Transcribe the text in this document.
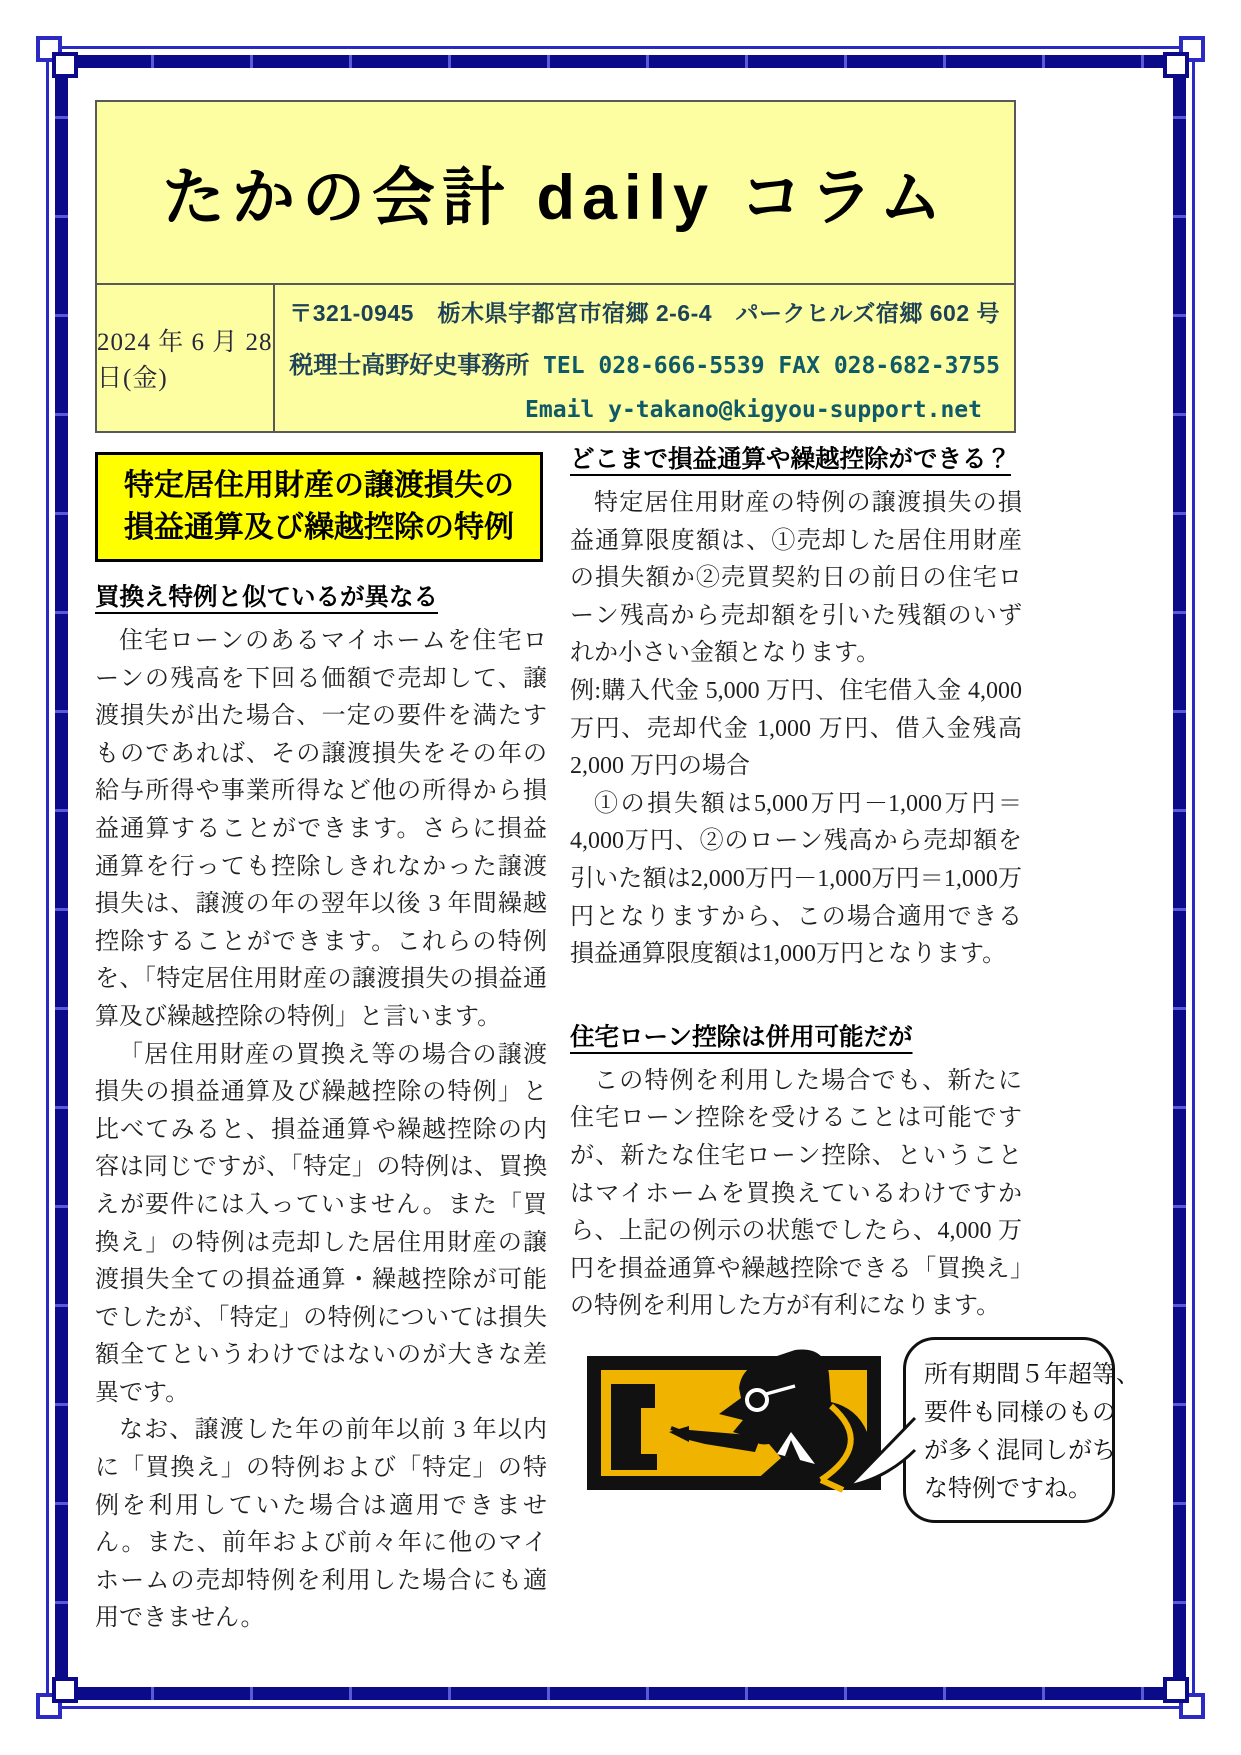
たかの会計 daily コラム
2024 年 6 月 28 日(金)
〒321-0945　栃木県宇都宮市宿郷 2-6-4　パークヒルズ宿郷 602 号
税理士高野好史事務所 TEL 028-666-5539 FAX 028-682-3755
Email y-takano@kigyou-support.net
特定居住用財産の譲渡損失の
損益通算及び繰越控除の特例
買換え特例と似ているが異なる

住宅ローンのあるマイホームを住宅ローンの残高を下回る価額で売却して、譲渡損失が出た場合、一定の要件を満たすものであれば、その譲渡損失をその年の給与所得や事業所得など他の所得から損益通算することができます。さらに損益通算を行っても控除しきれなかった譲渡損失は、譲渡の年の翌年以後 3 年間繰越控除することができます。これらの特例を、「特定居住用財産の譲渡損失の損益通算及び繰越控除の特例」と言います。

「居住用財産の買換え等の場合の譲渡損失の損益通算及び繰越控除の特例」と比べてみると、損益通算や繰越控除の内容は同じですが、「特定」の特例は、買換えが要件には入っていません。また「買換え」の特例は売却した居住用財産の譲渡損失全ての損益通算・繰越控除が可能でしたが、「特定」の特例については損失額全てというわけではないのが大きな差異です。

なお、譲渡した年の前年以前 3 年以内に「買換え」の特例および「特定」の特例を利用していた場合は適用できません。また、前年および前々年に他のマイホームの売却特例を利用した場合にも適用できません。

どこまで損益通算や繰越控除ができる？

特定居住用財産の特例の譲渡損失の損益通算限度額は、①売却した居住用財産の損失額か②売買契約日の前日の住宅ローン残高から売却額を引いた残額のいずれか小さい金額となります。

例:購入代金 5,000 万円、住宅借入金 4,000 万円、売却代金 1,000 万円、借入金残高 2,000 万円の場合

①の損失額は5,000万円－1,000万円＝4,000万円、②のローン残高から売却額を引いた額は2,000万円－1,000万円＝1,000万円となりますから、この場合適用できる損益通算限度額は1,000万円となります。

住宅ローン控除は併用可能だが

この特例を利用した場合でも、新たに住宅ローン控除を受けることは可能ですが、新たな住宅ローン控除、ということはマイホームを買換えているわけですから、上記の例示の状態でしたら、4,000 万円を損益通算や繰越控除できる「買換え」の特例を利用した方が有利になります。

所有期間５年超等、
要件も同様のもの
が多く混同しがち
な特例ですね。
